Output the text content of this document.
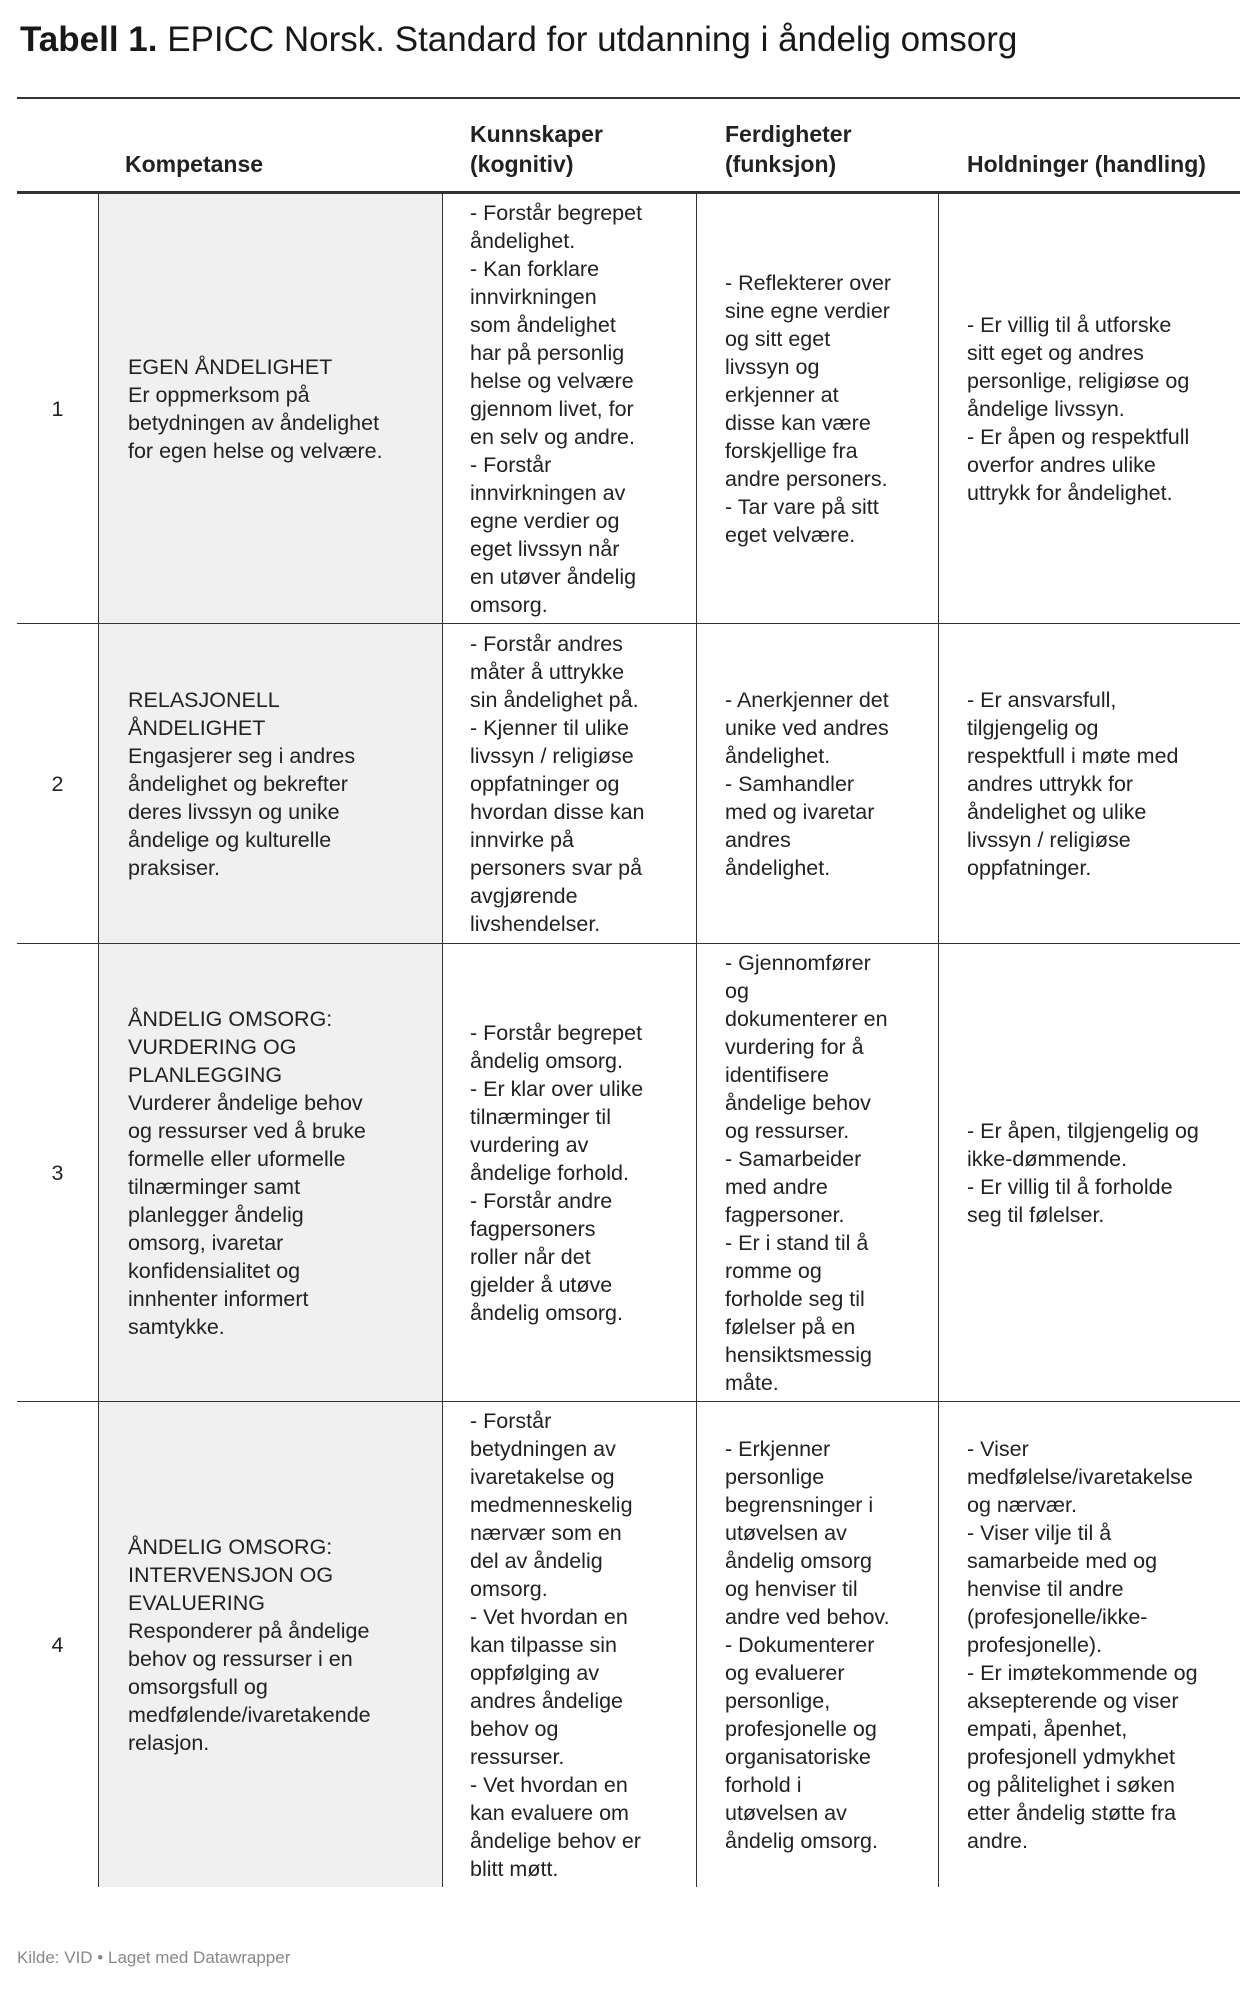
Tabell 1. EPICC Norsk. Standard for utdanning i åndelig omsorg
Kompetanse
Kunnskaper
(kognitiv)
Ferdigheter
(funksjon)	Holdninger (handling)
1
EGEN ÅNDELIGHET
Er oppmerksom på
betydningen av åndelighet
for egen helse og velvære.
- Forstår begrepet
åndelighet.
- Kan forklare
innvirkningen
som åndelighet
har på personlig
helse og velvære
gjennom livet, for
en selv og andre.
- Forstår
innvirkningen av
egne verdier og
eget livssyn når
en utøver åndelig
omsorg.
- Reflekterer over
sine egne verdier
og sitt eget
livssyn og
erkjenner at
disse kan være
forskjellige fra
andre personers.
- Tar vare på sitt
eget velvære.
- Er villig til å utforske
sitt eget og andres
personlige, religiøse og
åndelige livssyn.
- Er åpen og respektfull
overfor andres ulike
uttrykk for åndelighet.
2
RELASJONELL
ÅNDELIGHET
Engasjerer seg i andres
åndelighet og bekrefter
deres livssyn og unike
åndelige og kulturelle
praksiser.
- Forstår andres
måter å uttrykke
sin åndelighet på.
- Kjenner til ulike
livssyn / religiøse
oppfatninger og
hvordan disse kan
innvirke på
personers svar på
avgjørende
livshendelser.
- Anerkjenner det
unike ved andres
åndelighet.
- Samhandler
med og ivaretar
andres
åndelighet.
- Er ansvarsfull,
tilgjengelig og
respektfull i møte med
andres uttrykk for
åndelighet og ulike
livssyn / religiøse
oppfatninger.
3
ÅNDELIG OMSORG:
VURDERING OG
PLANLEGGING
Vurderer åndelige behov
og ressurser ved å bruke
formelle eller uformelle
tilnærminger samt
planlegger åndelig
omsorg, ivaretar
konfidensialitet og
innhenter informert
samtykke.
- Forstår begrepet
åndelig omsorg.
- Er klar over ulike
tilnærminger til
vurdering av
åndelige forhold.
- Forstår andre
fagpersoners
roller når det
gjelder å utøve
åndelig omsorg.
- Gjennomfører
og
dokumenterer en
vurdering for å
identifisere
åndelige behov
og ressurser.
- Samarbeider
med andre
fagpersoner.
- Er i stand til å
romme og
forholde seg til
følelser på en
hensiktsmessig
måte.
- Er åpen, tilgjengelig og
ikke-dømmende.
- Er villig til å forholde
seg til følelser.
4
ÅNDELIG OMSORG:
INTERVENSJON OG
EVALUERING
Responderer på åndelige
behov og ressurser i en
omsorgsfull og
medfølende/ivaretakende
relasjon.
- Forstår
betydningen av
ivaretakelse og
medmenneskelig
nærvær som en
del av åndelig
omsorg.
- Vet hvordan en
kan tilpasse sin
oppfølging av
andres åndelige
behov og
ressurser.
- Vet hvordan en
kan evaluere om
åndelige behov er
blitt møtt.
- Erkjenner
personlige
begrensninger i
utøvelsen av
åndelig omsorg
og henviser til
andre ved behov.
- Dokumenterer
og evaluerer
personlige,
profesjonelle og
organisatoriske
forhold i
utøvelsen av
åndelig omsorg.
- Viser
medfølelse/ivaretakelse
og nærvær.
- Viser vilje til å
samarbeide med og
henvise til andre
(profesjonelle/ikke-
profesjonelle).
- Er imøtekommende og
aksepterende og viser
empati, åpenhet,
profesjonell ydmykhet
og pålitelighet i søken
etter åndelig støtte fra
andre.
Kilde: VID • Laget med Datawrapper
